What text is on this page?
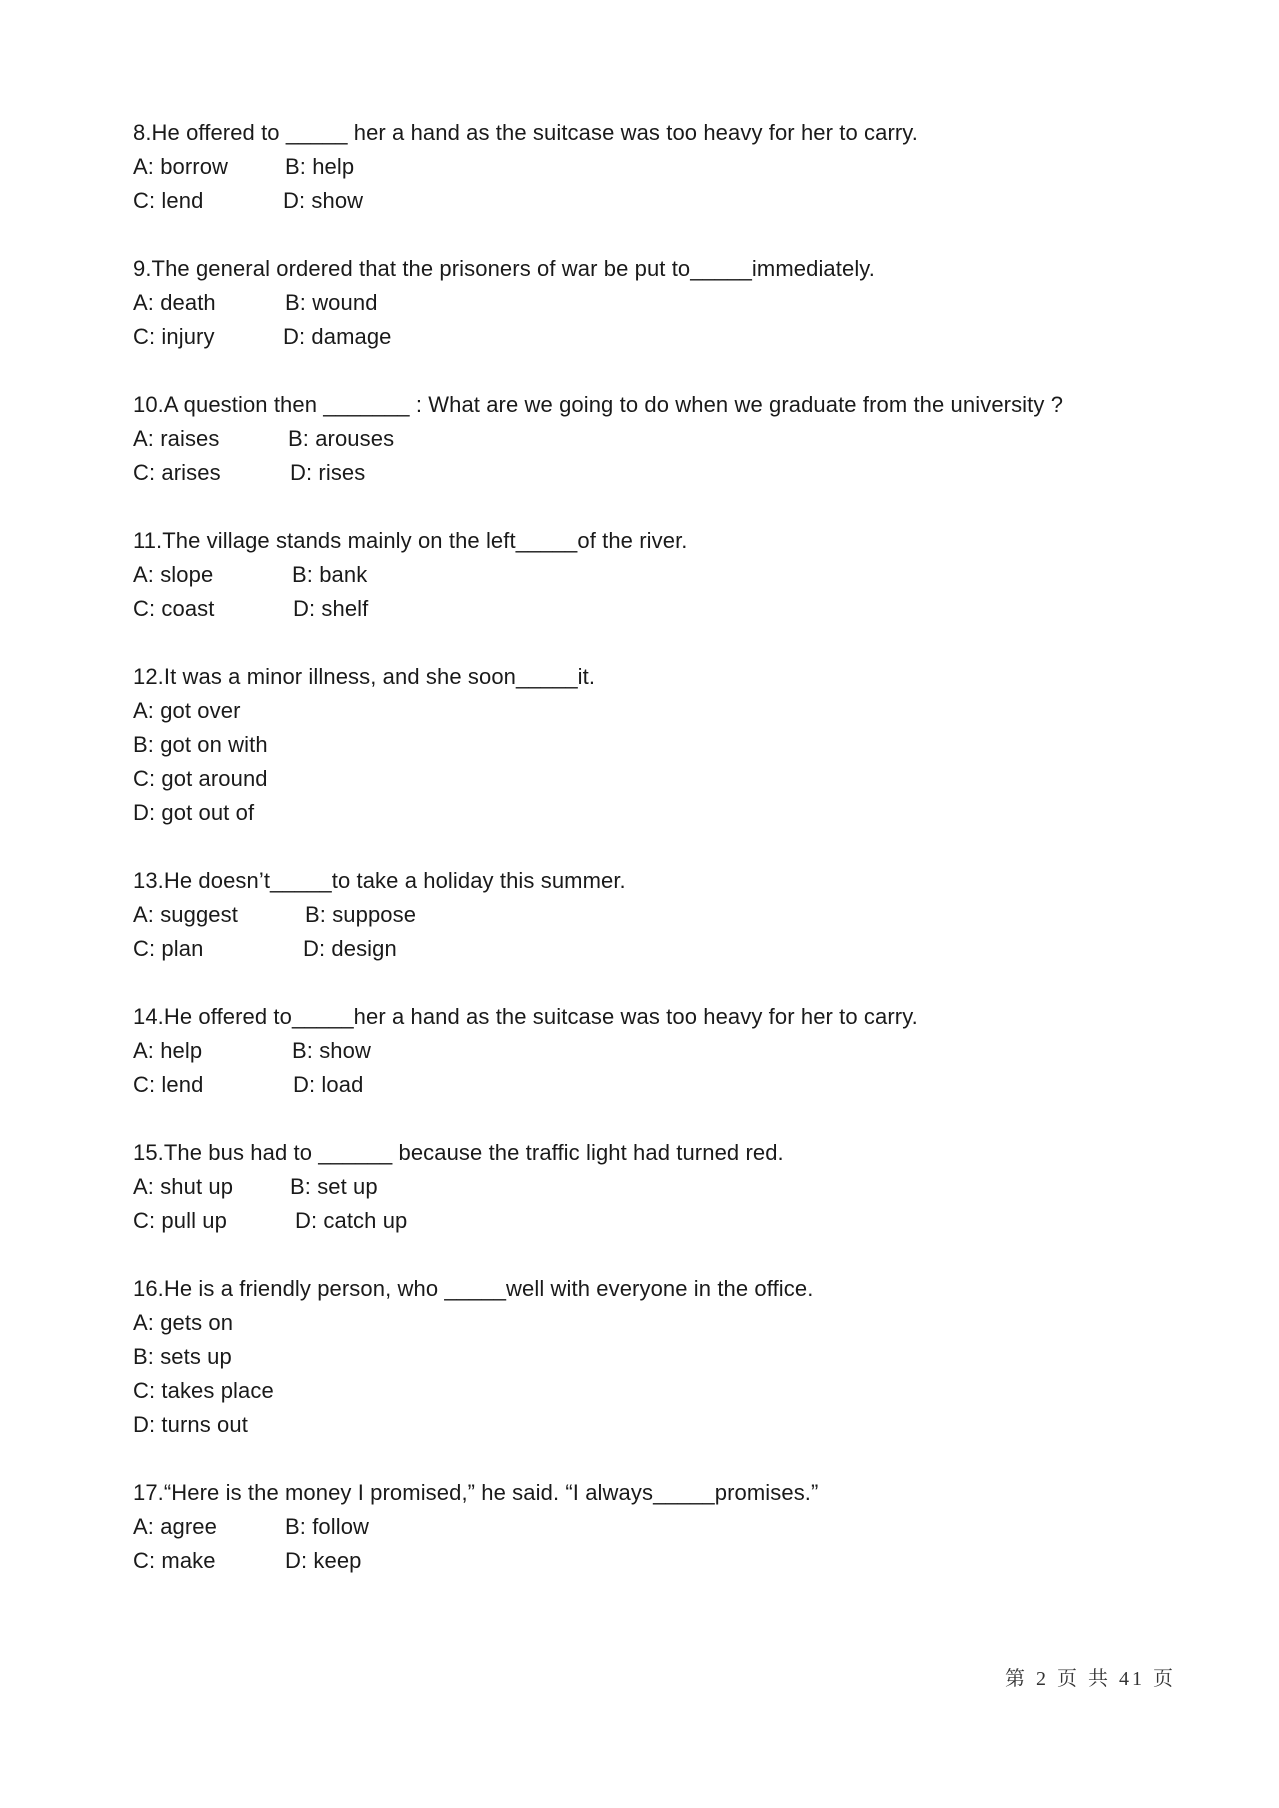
8.He offered to _____ her a hand as the suitcase was too heavy for her to carry.
A: borrow	B: help
C: lend	D: show
9.The general ordered that the prisoners of war be put to_____immediately.
A: death	B: wound
C: injury	D: damage
10.A question then _______ : What are we going to do when we graduate from the university ?
A: raises	B: arouses
C: arises	D: rises
11.The village stands mainly on the left_____of the river.
A: slope	B: bank
C: coast	D: shelf
12.It was a minor illness, and she soon_____it.
A: got over
B: got on with
C: got around
D: got out of
13.He doesn’t_____to take a holiday this summer.
A: suggest	B: suppose
C: plan	D: design
14.He offered to_____her a hand as the suitcase was too heavy for her to carry.
A: help	B: show
C: lend	D: load
15.The bus had to ______ because the traffic light had turned red.
A: shut up	B: set up
C: pull up	D: catch up
16.He is a friendly person, who _____well with everyone in the office.
A: gets on
B: sets up
C: takes place
D: turns out
17.“Here is the money I promised,” he said. “I always_____promises.”
A: agree	B: follow
C: make	D: keep
第 2 页 共 41 页
